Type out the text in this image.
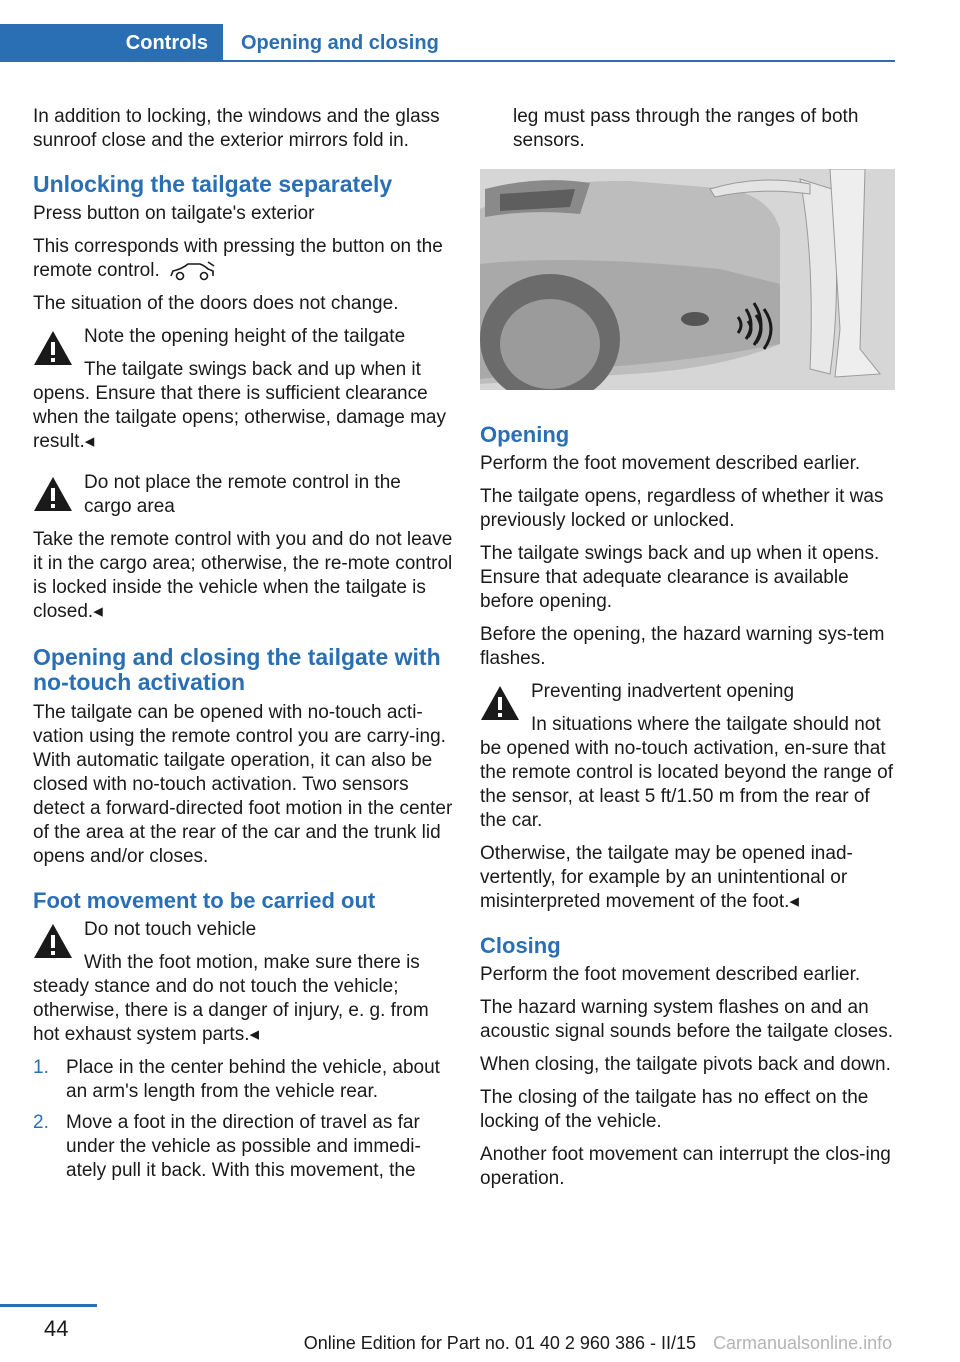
Controls	Opening and closing

In addition to locking, the windows and the glass sunroof close and the exterior mirrors fold in.

Unlocking the tailgate separately

Press button on tailgate's exterior

This corresponds with pressing the button on the remote control.

The situation of the doors does not change.

Note the opening height of the tailgate

The tailgate swings back and up when it opens. Ensure that there is sufficient clearance when the tailgate opens; otherwise, damage may result.◂

Do not place the remote control in the cargo area

Take the remote control with you and do not leave it in the cargo area; otherwise, the re-mote control is locked inside the vehicle when the tailgate is closed.◂

Opening and closing the tailgate with no-touch activation

The tailgate can be opened with no-touch acti-vation using the remote control you are carry-ing. With automatic tailgate operation, it can also be closed with no-touch activation. Two sensors detect a forward-directed foot motion in the center of the area at the rear of the car and the trunk lid opens and/or closes.

Foot movement to be carried out

Do not touch vehicle

With the foot motion, make sure there is steady stance and do not touch the vehicle; otherwise, there is a danger of injury, e. g. from hot exhaust system parts.◂

1. Place in the center behind the vehicle, about an arm's length from the vehicle rear.
2. Move a foot in the direction of travel as far under the vehicle as possible and immedi-ately pull it back. With this movement, the

leg must pass through the ranges of both sensors.

Opening

Perform the foot movement described earlier.

The tailgate opens, regardless of whether it was previously locked or unlocked.

The tailgate swings back and up when it opens. Ensure that adequate clearance is available before opening.

Before the opening, the hazard warning sys-tem flashes.

Preventing inadvertent opening

In situations where the tailgate should not be opened with no-touch activation, en-sure that the remote control is located beyond the range of the sensor, at least 5 ft/1.50 m from the rear of the car.

Otherwise, the tailgate may be opened inad-vertently, for example by an unintentional or misinterpreted movement of the foot.◂

Closing

Perform the foot movement described earlier.

The hazard warning system flashes on and an acoustic signal sounds before the tailgate closes.

When closing, the tailgate pivots back and down.

The closing of the tailgate has no effect on the locking of the vehicle.

Another foot movement can interrupt the clos-ing operation.

44
Online Edition for Part no. 01 40 2 960 386 - II/15 Carmanualsonline.info
